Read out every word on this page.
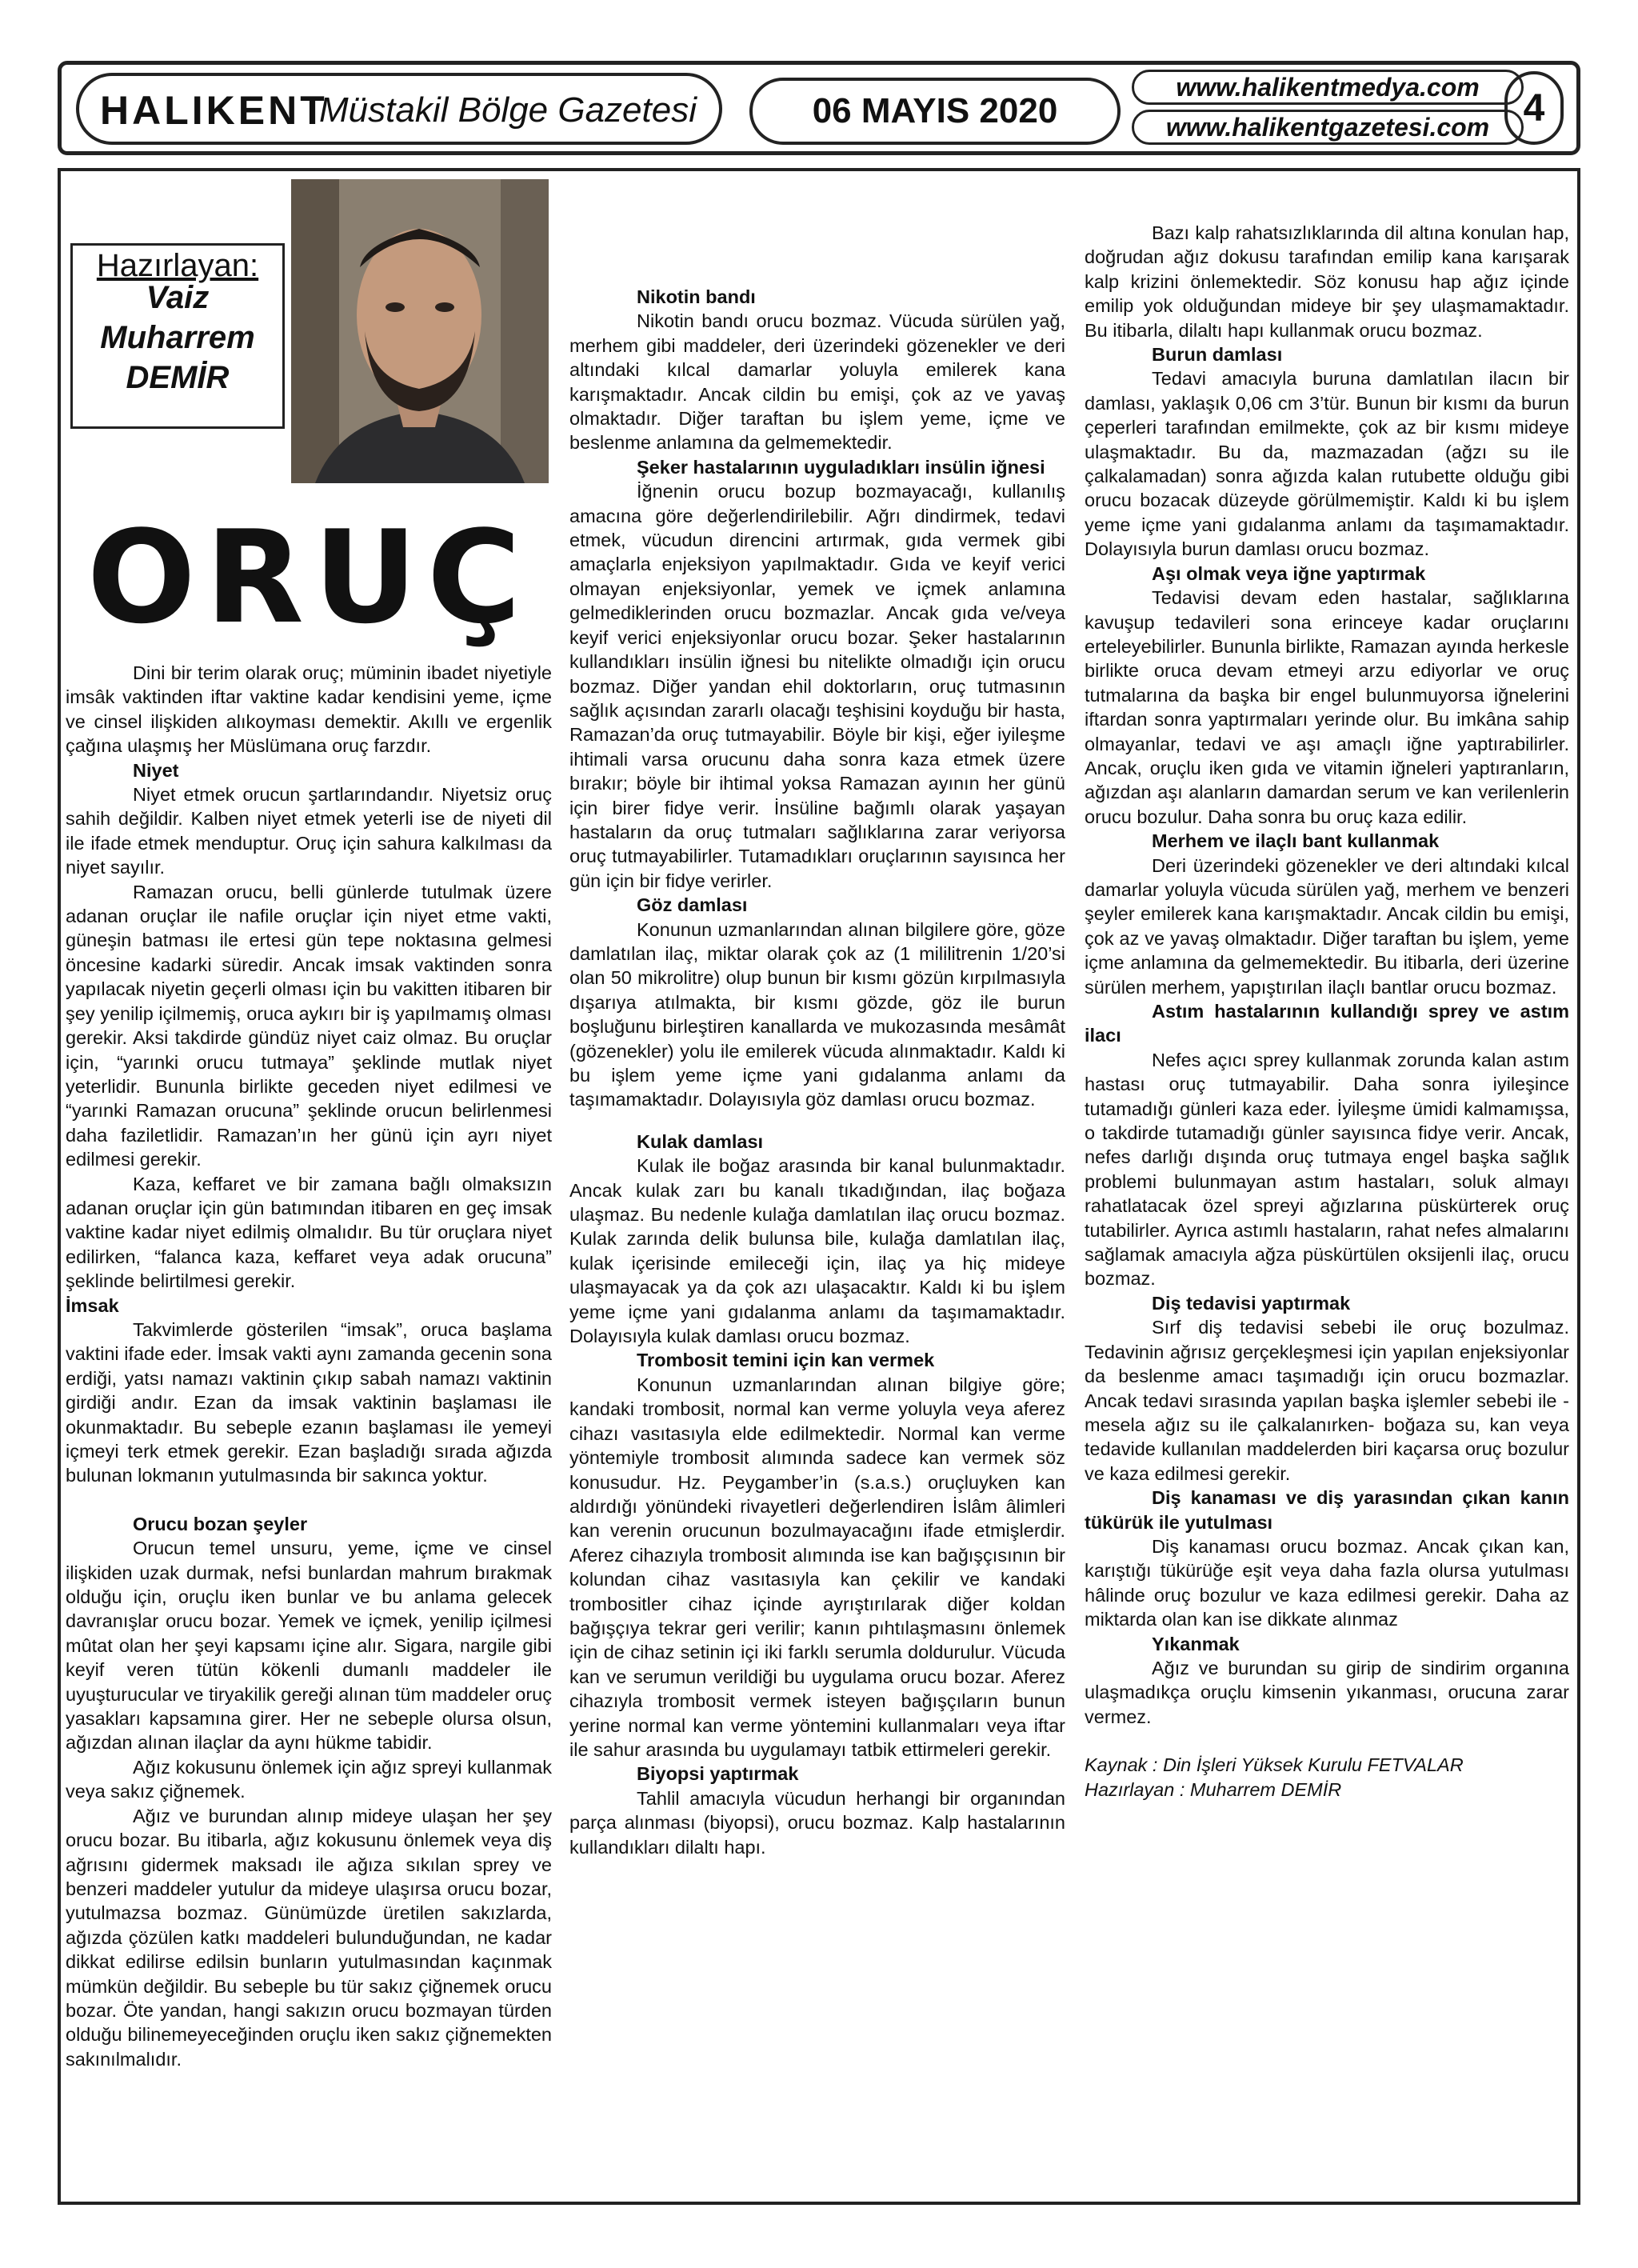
HALIKENT
Müstakil Bölge Gazetesi	06 MAYIS 2020
www.halikentmedya.com
www.halikentgazetesi.com 4
Hazırlayan:
Vaiz
Muharrem
DEMİR
ORUÇ

Dini bir terim olarak oruç; müminin ibadet niyetiyle imsâk vaktinden iftar vaktine kadar kendisini yeme, içme ve cinsel ilişkiden alıkoyması demektir. Akıllı ve ergenlik çağına ulaşmış her Müslümana oruç farzdır.

Niyet

Niyet etmek orucun şartlarındandır. Niyetsiz oruç sahih değildir. Kalben niyet etmek yeterli ise de niyeti dil ile ifade etmek menduptur. Oruç için sahura kalkılması da niyet sayılır.

Ramazan orucu, belli günlerde tutulmak üzere adanan oruçlar ile nafile oruçlar için niyet etme vakti, güneşin batması ile ertesi gün tepe noktasına gelmesi öncesine kadarki süredir. Ancak imsak vaktinden sonra yapılacak niyetin geçerli olması için bu vakitten itibaren bir şey yenilip içilmemiş, oruca aykırı bir iş yapılmamış olması gerekir. Aksi takdirde gündüz niyet caiz olmaz. Bu oruçlar için, “yarınki orucu tutmaya” şeklinde mutlak niyet yeterlidir. Bununla birlikte geceden niyet edilmesi ve “yarınki Ramazan orucuna” şeklinde orucun belirlenmesi daha faziletlidir. Ramazan’ın her günü için ayrı niyet edilmesi gerekir.

Kaza, keffaret ve bir zamana bağlı olmaksızın adanan oruçlar için gün batımından itibaren en geç imsak vaktine kadar niyet edilmiş olmalıdır. Bu tür oruçlara niyet edilirken, “falanca kaza, keffaret veya adak orucuna” şeklinde belirtilmesi gerekir.

İmsak

Takvimlerde gösterilen “imsak”, oruca başlama vaktini ifade eder. İmsak vakti aynı zamanda gecenin sona erdiği, yatsı namazı vaktinin çıkıp sabah namazı vaktinin girdiği andır. Ezan da imsak vaktinin başlaması ile okunmaktadır. Bu sebeple ezanın başlaması ile yemeyi içmeyi terk etmek gerekir. Ezan başladığı sırada ağızda bulunan lokmanın yutulmasında bir sakınca yoktur.

Orucu bozan şeyler

Orucun temel unsuru, yeme, içme ve cinsel ilişkiden uzak durmak, nefsi bunlardan mahrum bırakmak olduğu için, oruçlu iken bunlar ve bu anlama gelecek davranışlar orucu bozar. Yemek ve içmek, yenilip içilmesi mûtat olan her şeyi kapsamı içine alır. Sigara, nargile gibi keyif veren tütün kökenli dumanlı maddeler ile uyuşturucular ve tiryakilik gereği alınan tüm maddeler oruç yasakları kapsamına girer. Her ne sebeple olursa olsun, ağızdan alınan ilaçlar da aynı hükme tabidir.

Ağız kokusunu önlemek için ağız spreyi kullanmak veya sakız çiğnemek.

Ağız ve burundan alınıp mideye ulaşan her şey orucu bozar. Bu itibarla, ağız kokusunu önlemek veya diş ağrısını gidermek maksadı ile ağıza sıkılan sprey ve benzeri maddeler yutulur da mideye ulaşırsa orucu bozar, yutulmazsa bozmaz. Günümüzde üretilen sakızlarda, ağızda çözülen katkı maddeleri bulunduğundan, ne kadar dikkat edilirse edilsin bunların yutulmasından kaçınmak mümkün değildir. Bu sebeple bu tür sakız çiğnemek orucu bozar. Öte yandan, hangi sakızın orucu bozmayan türden olduğu bilinemeyeceğinden oruçlu iken sakız çiğnemekten sakınılmalıdır.

Nikotin bandı

Nikotin bandı orucu bozmaz. Vücuda sürülen yağ, merhem gibi maddeler, deri üzerindeki gözenekler ve deri altındaki kılcal damarlar yoluyla emilerek kana karışmaktadır. Ancak cildin bu emişi, çok az ve yavaş olmaktadır. Diğer taraftan bu işlem yeme, içme ve beslenme anlamına da gelmemektedir.

Şeker hastalarının uyguladıkları insülin iğnesi

İğnenin orucu bozup bozmayacağı, kullanılış amacına göre değerlendirilebilir. Ağrı dindirmek, tedavi etmek, vücudun direncini artırmak, gıda vermek gibi amaçlarla enjeksiyon yapılmaktadır. Gıda ve keyif verici olmayan enjeksiyonlar, yemek ve içmek anlamına gelmediklerinden orucu bozmazlar. Ancak gıda ve/veya keyif verici enjeksiyonlar orucu bozar. Şeker hastalarının kullandıkları insülin iğnesi bu nitelikte olmadığı için orucu bozmaz. Diğer yandan ehil doktorların, oruç tutmasının sağlık açısından zararlı olacağı teşhisini koyduğu bir hasta, Ramazan’da oruç tutmayabilir. Böyle bir kişi, eğer iyileşme ihtimali varsa orucunu daha sonra kaza etmek üzere bırakır; böyle bir ihtimal yoksa Ramazan ayının her günü için birer fidye verir. İnsüline bağımlı olarak yaşayan hastaların da oruç tutmaları sağlıklarına zarar veriyorsa oruç tutmayabilirler. Tutamadıkları oruçlarının sayısınca her gün için bir fidye verirler.

Göz damlası

Konunun uzmanlarından alınan bilgilere göre, göze damlatılan ilaç, miktar olarak çok az (1 mililitrenin 1/20’si olan 50 mikrolitre) olup bunun bir kısmı gözün kırpılmasıyla dışarıya atılmakta, bir kısmı gözde, göz ile burun boşluğunu birleştiren kanallarda ve mukozasında mesâmât (gözenekler) yolu ile emilerek vücuda alınmaktadır. Kaldı ki bu işlem yeme içme yani gıdalanma anlamı da taşımamaktadır. Dolayısıyla göz damlası orucu bozmaz.

Kulak damlası

Kulak ile boğaz arasında bir kanal bulunmaktadır. Ancak kulak zarı bu kanalı tıkadığından, ilaç boğaza ulaşmaz. Bu nedenle kulağa damlatılan ilaç orucu bozmaz. Kulak zarında delik bulunsa bile, kulağa damlatılan ilaç, kulak içerisinde emileceği için, ilaç ya hiç mideye ulaşmayacak ya da çok azı ulaşacaktır. Kaldı ki bu işlem yeme içme yani gıdalanma anlamı da taşımamaktadır. Dolayısıyla kulak damlası orucu bozmaz.

Trombosit temini için kan vermek

Konunun uzmanlarından alınan bilgiye göre; kandaki trombosit, normal kan verme yoluyla veya aferez cihazı vasıtasıyla elde edilmektedir. Normal kan verme yöntemiyle trombosit alımında sadece kan vermek söz konusudur. Hz. Peygamber’in (s.a.s.) oruçluyken kan aldırdığı yönündeki rivayetleri değerlendiren İslâm âlimleri kan verenin orucunun bozulmayacağını ifade etmişlerdir. Aferez cihazıyla trombosit alımında ise kan bağışçısının bir kolundan cihaz vasıtasıyla kan çekilir ve kandaki trombositler cihaz içinde ayrıştırılarak diğer koldan bağışçıya tekrar geri verilir; kanın pıhtılaşmasını önlemek için de cihaz setinin içi iki farklı serumla doldurulur. Vücuda kan ve serumun verildiği bu uygulama orucu bozar. Aferez cihazıyla trombosit vermek isteyen bağışçıların bunun yerine normal kan verme yöntemini kullanmaları veya iftar ile sahur arasında bu uygulamayı tatbik ettirmeleri gerekir.

Biyopsi yaptırmak

Tahlil amacıyla vücudun herhangi bir organından parça alınması (biyopsi), orucu bozmaz. Kalp hastalarının kullandıkları dilaltı hapı.

Bazı kalp rahatsızlıklarında dil altına konulan hap, doğrudan ağız dokusu tarafından emilip kana karışarak kalp krizini önlemektedir. Söz konusu hap ağız içinde emilip yok olduğundan mideye bir şey ulaşmamaktadır. Bu itibarla, dilaltı hapı kullanmak orucu bozmaz.

Burun damlası

Tedavi amacıyla buruna damlatılan ilacın bir damlası, yaklaşık 0,06 cm 3’tür. Bunun bir kısmı da burun çeperleri tarafından emilmekte, çok az bir kısmı mideye ulaşmaktadır. Bu da, mazmazadan (ağzı su ile çalkalamadan) sonra ağızda kalan rutubette olduğu gibi orucu bozacak düzeyde görülmemiştir. Kaldı ki bu işlem yeme içme yani gıdalanma anlamı da taşımamaktadır. Dolayısıyla burun damlası orucu bozmaz.

Aşı olmak veya iğne yaptırmak

Tedavisi devam eden hastalar, sağlıklarına kavuşup tedavileri sona erinceye kadar oruçlarını erteleyebilirler. Bununla birlikte, Ramazan ayında herkesle birlikte oruca devam etmeyi arzu ediyorlar ve oruç tutmalarına da başka bir engel bulunmuyorsa iğnelerini iftardan sonra yaptırmaları yerinde olur. Bu imkâna sahip olmayanlar, tedavi ve aşı amaçlı iğne yaptırabilirler. Ancak, oruçlu iken gıda ve vitamin iğneleri yaptıranların, ağızdan aşı alanların damardan serum ve kan verilenlerin orucu bozulur. Daha sonra bu oruç kaza edilir.

Merhem ve ilaçlı bant kullanmak

Deri üzerindeki gözenekler ve deri altındaki kılcal damarlar yoluyla vücuda sürülen yağ, merhem ve benzeri şeyler emilerek kana karışmaktadır. Ancak cildin bu emişi, çok az ve yavaş olmaktadır. Diğer taraftan bu işlem, yeme içme anlamına da gelmemektedir. Bu itibarla, deri üzerine sürülen merhem, yapıştırılan ilaçlı bantlar orucu bozmaz.

Astım hastalarının kullandığı sprey ve astım ilacı

Nefes açıcı sprey kullanmak zorunda kalan astım hastası oruç tutmayabilir. Daha sonra iyileşince tutamadığı günleri kaza eder. İyileşme ümidi kalmamışsa, o takdirde tutamadığı günler sayısınca fidye verir. Ancak, nefes darlığı dışında oruç tutmaya engel başka sağlık problemi bulunmayan astım hastaları, soluk almayı rahatlatacak özel spreyi ağızlarına püskürterek oruç tutabilirler. Ayrıca astımlı hastaların, rahat nefes almalarını sağlamak amacıyla ağza püskürtülen oksijenli ilaç, orucu bozmaz.

Diş tedavisi yaptırmak

Sırf diş tedavisi sebebi ile oruç bozulmaz. Tedavinin ağrısız gerçekleşmesi için yapılan enjeksiyonlar da beslenme amacı taşımadığı için orucu bozmazlar. Ancak tedavi sırasında yapılan başka işlemler sebebi ile -mesela ağız su ile çalkalanırken- boğaza su, kan veya tedavide kullanılan maddelerden biri kaçarsa oruç bozulur ve kaza edilmesi gerekir.

Diş kanaması ve diş yarasından çıkan kanın tükürük ile yutulması

Diş kanaması orucu bozmaz. Ancak çıkan kan, karıştığı tükürüğe eşit veya daha fazla olursa yutulması hâlinde oruç bozulur ve kaza edilmesi gerekir. Daha az miktarda olan kan ise dikkate alınmaz

Yıkanmak

Ağız ve burundan su girip de sindirim organına ulaşmadıkça oruçlu kimsenin yıkanması, orucuna zarar vermez.

Kaynak : Din İşleri Yüksek Kurulu FETVALAR
Hazırlayan : Muharrem DEMİR
